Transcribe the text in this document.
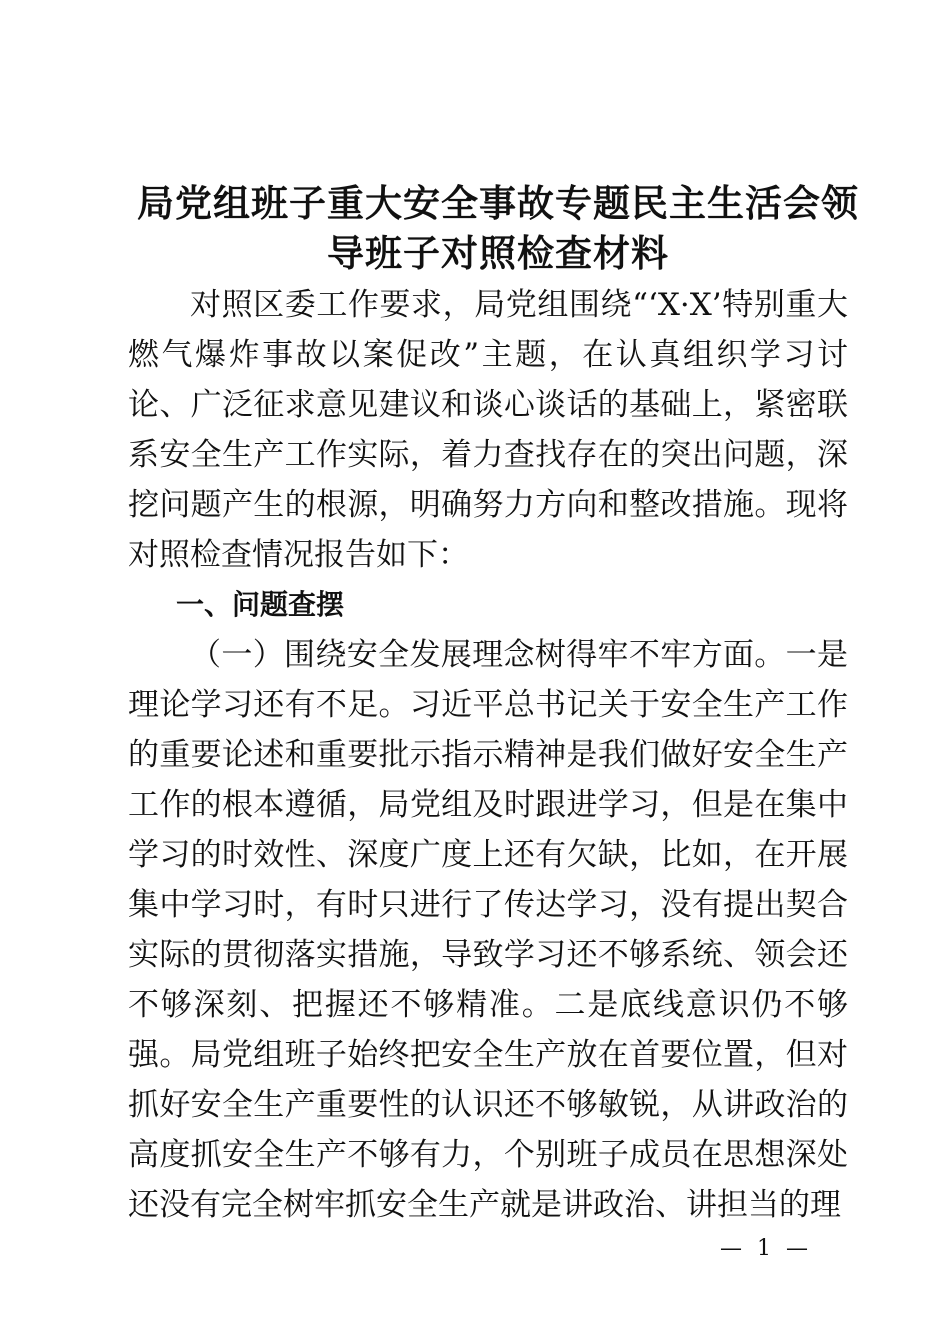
局党组班子重大安全事故专题民主生活会领导班子对照检查材料

对照区委工作要求，局党组围绕“‘X·X’特别重大燃气爆炸事故以案促改”主题，在认真组织学习讨论、广泛征求意见建议和谈心谈话的基础上，紧密联系安全生产工作实际，着力查找存在的突出问题，深挖问题产生的根源，明确努力方向和整改措施。现将对照检查情况报告如下：

一、问题查摆

（一）围绕安全发展理念树得牢不牢方面。一是理论学习还有不足。习近平总书记关于安全生产工作的重要论述和重要批示指示精神是我们做好安全生产工作的根本遵循，局党组及时跟进学习，但是在集中学习的时效性、深度广度上还有欠缺，比如，在开展集中学习时，有时只进行了传达学习，没有提出契合实际的贯彻落实措施，导致学习还不够系统、领会还不够深刻、把握还不够精准。二是底线意识仍不够强。局党组班子始终把安全生产放在首要位置，但对抓好安全生产重要性的认识还不够敏锐，从讲政治的高度抓安全生产不够有力，个别班子成员在思想深处还没有完全树牢抓安全生产就是讲政治、讲担当的理

— 1 —
